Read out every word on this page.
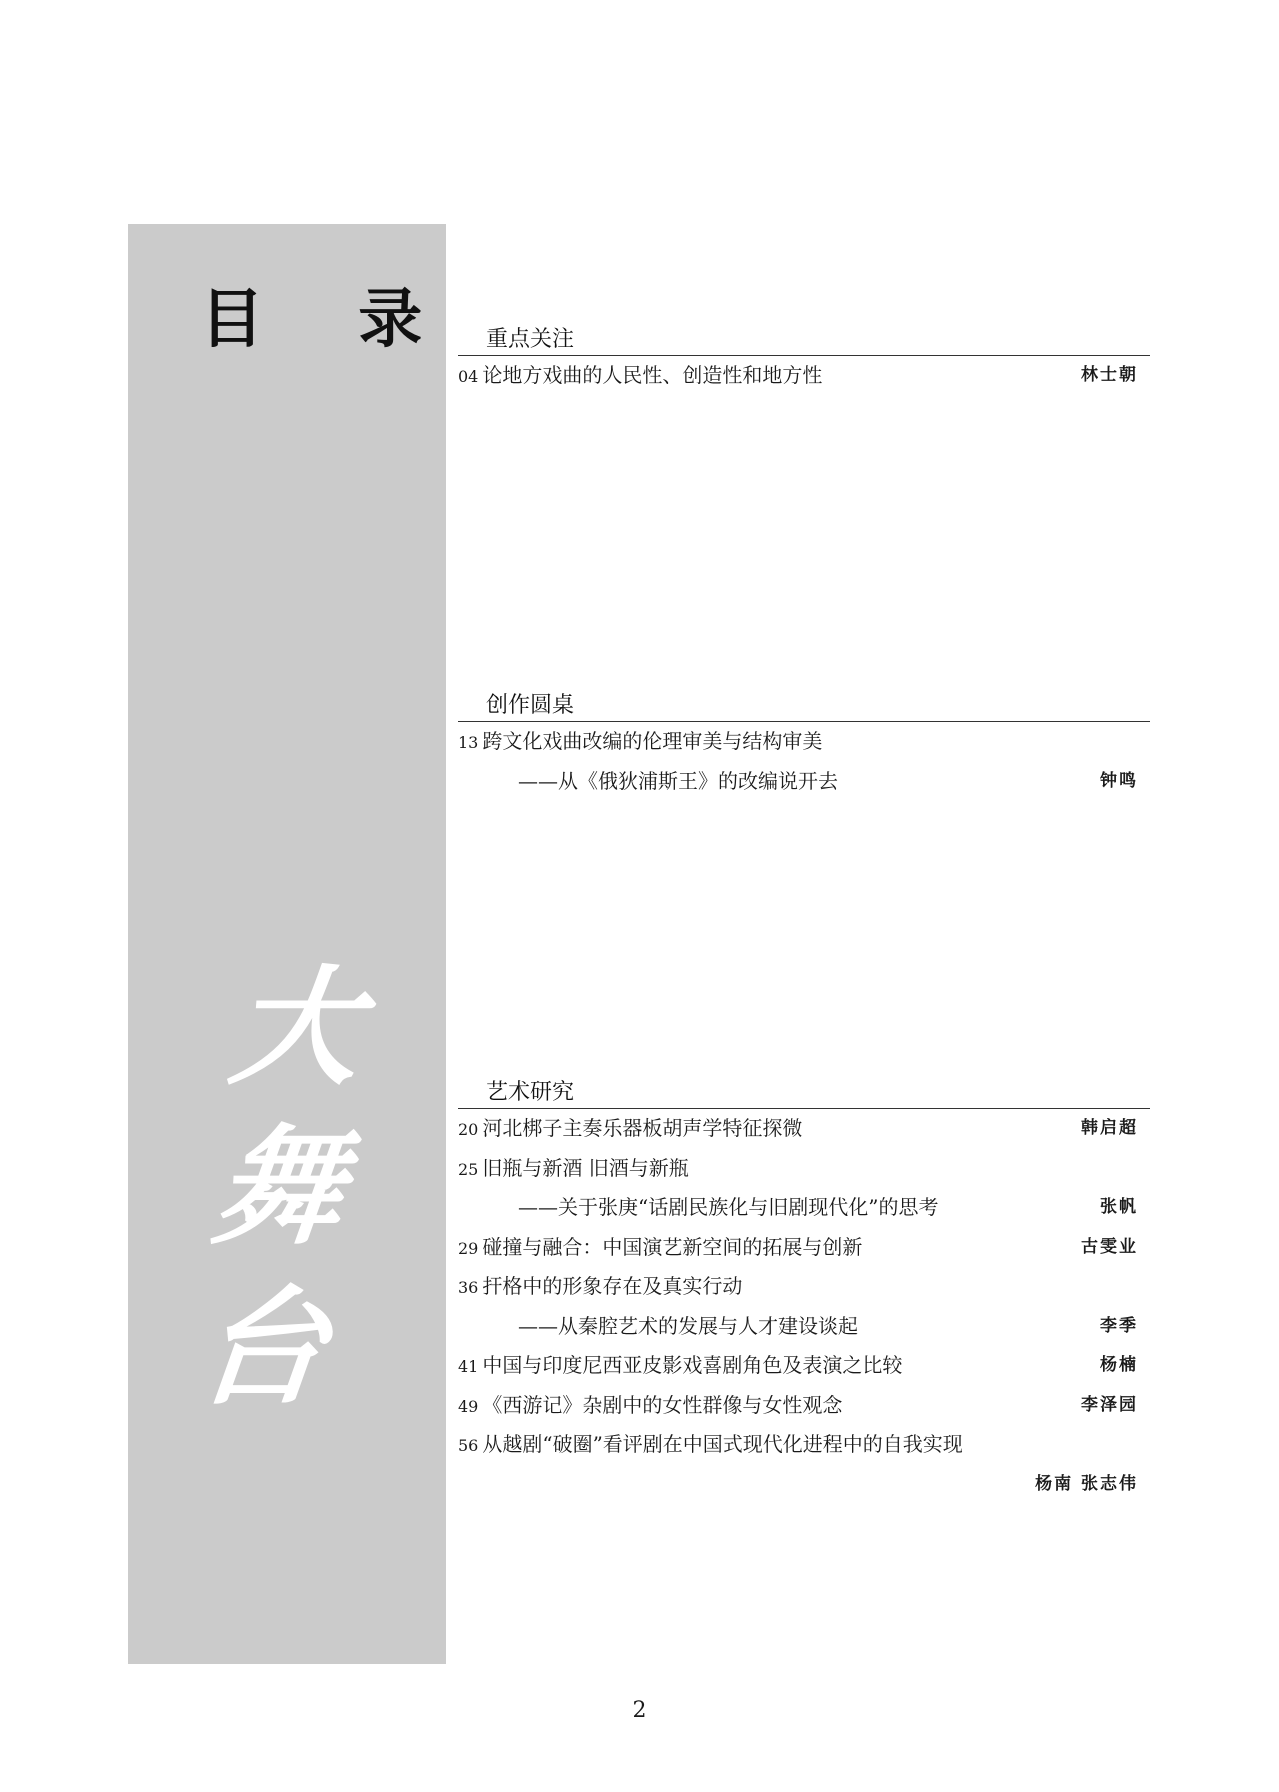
目 录
大
舞
台
重点关注
04 论地方戏曲的人民性、创造性和地方性	林士朝
创作圆桌
13 跨文化戏曲改编的伦理审美与结构审美
——从《俄狄浦斯王》的改编说开去	钟鸣
艺术研究
20 河北梆子主奏乐器板胡声学特征探微	韩启超
25 旧瓶与新酒 旧酒与新瓶
——关于张庚“话剧民族化与旧剧现代化”的思考	张帆
29 碰撞与融合：中国演艺新空间的拓展与创新	古雯业
36 扞格中的形象存在及真实行动
——从秦腔艺术的发展与人才建设谈起	李季
41 中国与印度尼西亚皮影戏喜剧角色及表演之比较	杨楠
49 《西游记》杂剧中的女性群像与女性观念	李泽园
56 从越剧“破圈”看评剧在中国式现代化进程中的自我实现
杨南 张志伟
2
